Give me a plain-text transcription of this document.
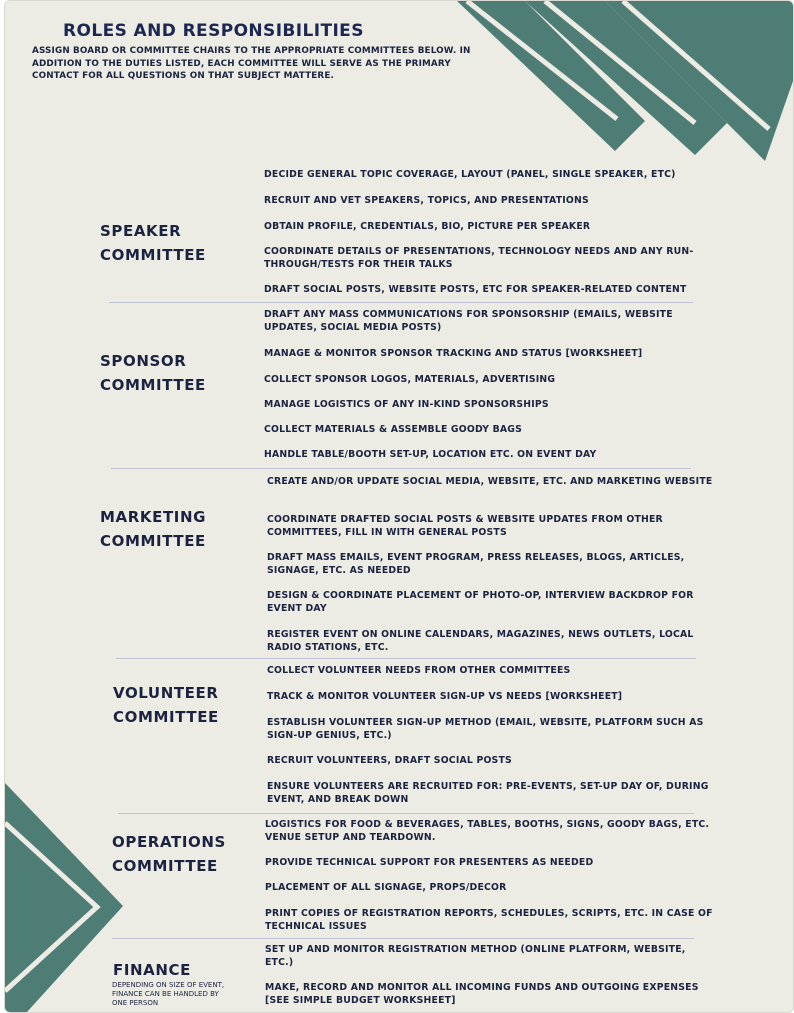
ROLES AND RESPONSIBILITIES

ASSIGN BOARD OR COMMITTEE CHAIRS TO THE APPROPRIATE COMMITTEES BELOW. IN ADDITION TO THE DUTIES LISTED, EACH COMMITTEE WILL SERVE AS THE PRIMARY CONTACT FOR ALL QUESTIONS ON THAT SUBJECT MATTERE.

SPEAKER
COMMITTEE
DECIDE GENERAL TOPIC COVERAGE, LAYOUT (PANEL, SINGLE SPEAKER, ETC)
RECRUIT AND VET SPEAKERS, TOPICS, AND PRESENTATIONS
OBTAIN PROFILE, CREDENTIALS, BIO, PICTURE PER SPEAKER
COORDINATE DETAILS OF PRESENTATIONS, TECHNOLOGY NEEDS AND ANY RUN-THROUGH/TESTS FOR THEIR TALKS
DRAFT SOCIAL POSTS, WEBSITE POSTS, ETC FOR SPEAKER-RELATED CONTENT
SPONSOR
COMMITTEE
DRAFT ANY MASS COMMUNICATIONS FOR SPONSORSHIP (EMAILS, WEBSITE UPDATES, SOCIAL MEDIA POSTS)
MANAGE & MONITOR SPONSOR TRACKING AND STATUS [WORKSHEET]
COLLECT SPONSOR LOGOS, MATERIALS, ADVERTISING
MANAGE LOGISTICS OF ANY IN-KIND SPONSORSHIPS
COLLECT MATERIALS & ASSEMBLE GOODY BAGS
HANDLE TABLE/BOOTH SET-UP, LOCATION ETC. ON EVENT DAY
MARKETING
COMMITTEE
CREATE AND/OR UPDATE SOCIAL MEDIA, WEBSITE, ETC. AND MARKETING WEBSITE
COORDINATE DRAFTED SOCIAL POSTS & WEBSITE UPDATES FROM OTHER COMMITTEES, FILL IN WITH GENERAL POSTS
DRAFT MASS EMAILS, EVENT PROGRAM, PRESS RELEASES, BLOGS, ARTICLES, SIGNAGE, ETC. AS NEEDED
DESIGN & COORDINATE PLACEMENT OF PHOTO-OP, INTERVIEW BACKDROP FOR EVENT DAY
REGISTER EVENT ON ONLINE CALENDARS, MAGAZINES, NEWS OUTLETS, LOCAL RADIO STATIONS, ETC.
VOLUNTEER
COMMITTEE
COLLECT VOLUNTEER NEEDS FROM OTHER COMMITTEES
TRACK & MONITOR VOLUNTEER SIGN-UP VS NEEDS [WORKSHEET]
ESTABLISH VOLUNTEER SIGN-UP METHOD (EMAIL, WEBSITE, PLATFORM SUCH AS SIGN-UP GENIUS, ETC.)
RECRUIT VOLUNTEERS, DRAFT SOCIAL POSTS
ENSURE VOLUNTEERS ARE RECRUITED FOR: PRE-EVENTS, SET-UP DAY OF, DURING EVENT, AND BREAK DOWN
OPERATIONS
COMMITTEE
LOGISTICS FOR FOOD & BEVERAGES, TABLES, BOOTHS, SIGNS, GOODY BAGS, ETC. VENUE SETUP AND TEARDOWN.
PROVIDE TECHNICAL SUPPORT FOR PRESENTERS AS NEEDED
PLACEMENT OF ALL SIGNAGE, PROPS/DECOR
PRINT COPIES OF REGISTRATION REPORTS, SCHEDULES, SCRIPTS, ETC. IN CASE OF TECHNICAL ISSUES
FINANCE
DEPENDING ON SIZE OF EVENT, FINANCE CAN BE HANDLED BY ONE PERSON
SET UP AND MONITOR REGISTRATION METHOD (ONLINE PLATFORM, WEBSITE, ETC.)
MAKE, RECORD AND MONITOR ALL INCOMING FUNDS AND OUTGOING EXPENSES [SEE SIMPLE BUDGET WORKSHEET]
